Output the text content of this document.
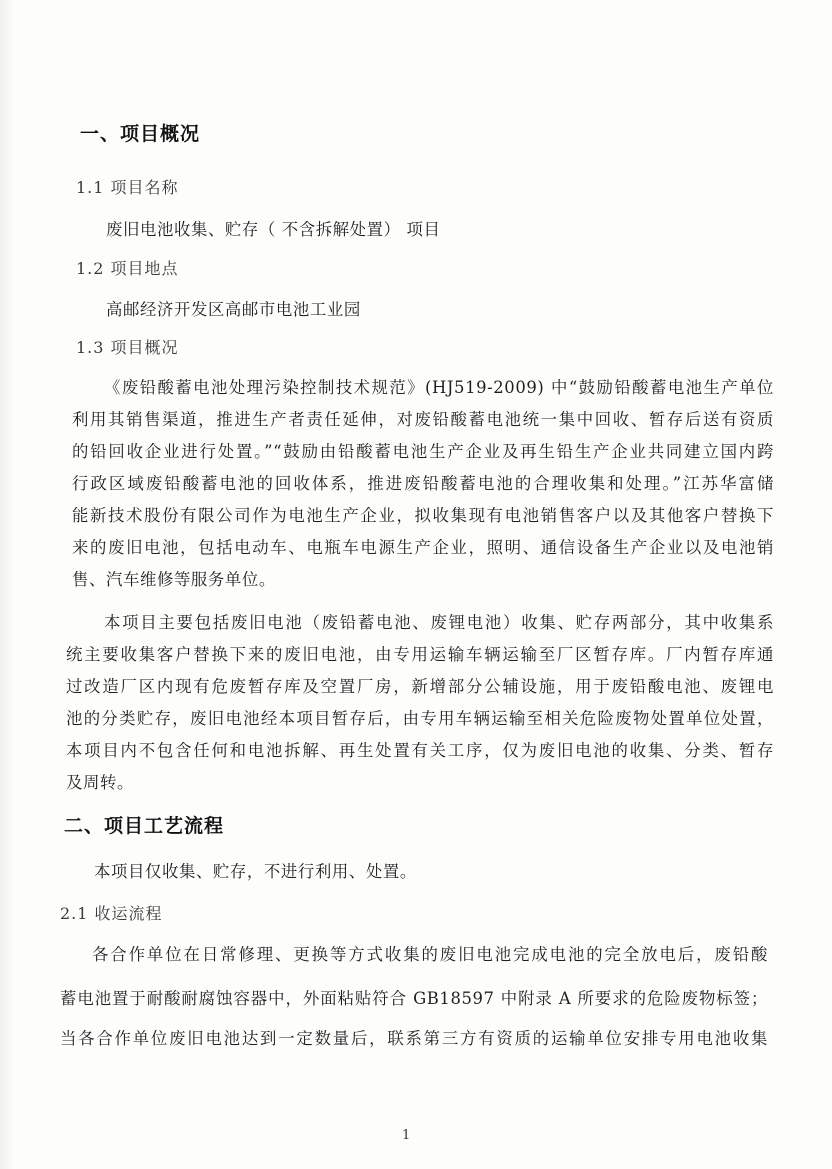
一、项目概况
1.1 项目名称
废旧电池收集、贮存（ 不含拆解处置） 项目
1.2 项目地点
高邮经济开发区高邮市电池工业园
1.3 项目概况
《废铅酸蓄电池处理污染控制技术规范》(HJ519-2009) 中“鼓励铅酸蓄电池生产单位
利用其销售渠道，推进生产者责任延伸，对废铅酸蓄电池统一集中回收、暂存后送有资质
的铅回收企业进行处置。”“鼓励由铅酸蓄电池生产企业及再生铅生产企业共同建立国内跨
行政区域废铅酸蓄电池的回收体系，推进废铅酸蓄电池的合理收集和处理。”江苏华富储
能新技术股份有限公司作为电池生产企业，拟收集现有电池销售客户以及其他客户替换下
来的废旧电池，包括电动车、电瓶车电源生产企业，照明、通信设备生产企业以及电池销
售、汽车维修等服务单位。
本项目主要包括废旧电池（废铅蓄电池、废锂电池）收集、贮存两部分，其中收集系
统主要收集客户替换下来的废旧电池，由专用运输车辆运输至厂区暂存库。厂内暂存库通
过改造厂区内现有危废暂存库及空置厂房，新增部分公辅设施，用于废铅酸电池、废锂电
池的分类贮存，废旧电池经本项目暂存后，由专用车辆运输至相关危险废物处置单位处置，
本项目内不包含任何和电池拆解、再生处置有关工序，仅为废旧电池的收集、分类、暂存
及周转。
二、项目工艺流程
本项目仅收集、贮存，不进行利用、处置。
2.1 收运流程
各合作单位在日常修理、更换等方式收集的废旧电池完成电池的完全放电后，废铅酸
蓄电池置于耐酸耐腐蚀容器中，外面粘贴符合 GB18597 中附录 A 所要求的危险废物标签；
当各合作单位废旧电池达到一定数量后，联系第三方有资质的运输单位安排专用电池收集
1
